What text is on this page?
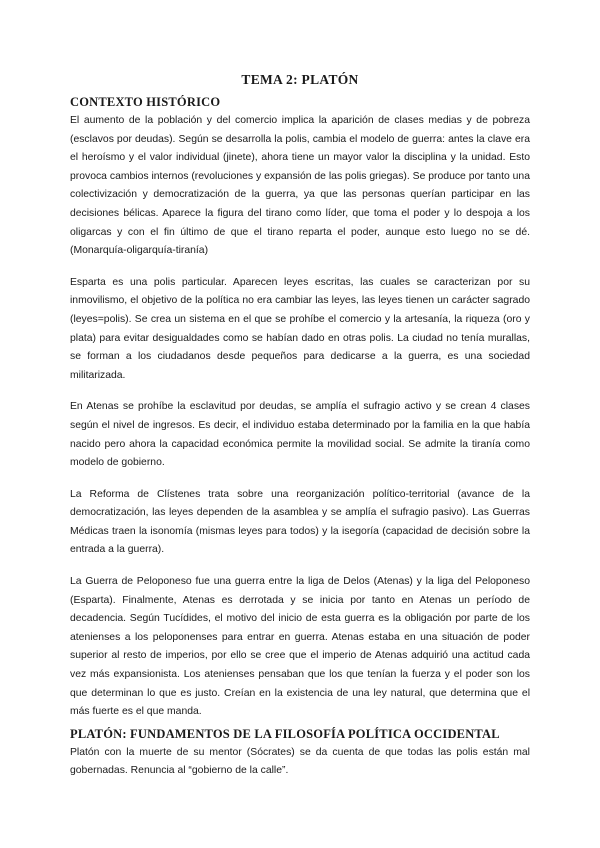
TEMA 2: PLATÓN
CONTEXTO HISTÓRICO

El aumento de la población y del comercio implica la aparición de clases medias y de pobreza (esclavos por deudas). Según se desarrolla la polis, cambia el modelo de guerra: antes la clave era el heroísmo y el valor individual (jinete), ahora tiene un mayor valor la disciplina y la unidad. Esto provoca cambios internos (revoluciones y expansión de las polis griegas). Se produce por tanto una colectivización y democratización de la guerra, ya que las personas querían participar en las decisiones bélicas. Aparece la figura del tirano como líder, que toma el poder y lo despoja a los oligarcas y con el fin último de que el tirano reparta el poder, aunque esto luego no se dé. (Monarquía-oligarquía-tiranía)

Esparta es una polis particular. Aparecen leyes escritas, las cuales se caracterizan por su inmovilismo, el objetivo de la política no era cambiar las leyes, las leyes tienen un carácter sagrado (leyes=polis). Se crea un sistema en el que se prohíbe el comercio y la artesanía, la riqueza (oro y plata) para evitar desigualdades como se habían dado en otras polis. La ciudad no tenía murallas, se forman a los ciudadanos desde pequeños para dedicarse a la guerra, es una sociedad militarizada.

En Atenas se prohíbe la esclavitud por deudas, se amplía el sufragio activo y se crean 4 clases según el nivel de ingresos. Es decir, el individuo estaba determinado por la familia en la que había nacido pero ahora la capacidad económica permite la movilidad social. Se admite la tiranía como modelo de gobierno.

La Reforma de Clístenes trata sobre una reorganización político-territorial (avance de la democratización, las leyes dependen de la asamblea y se amplía el sufragio pasivo). Las Guerras Médicas traen la isonomía (mismas leyes para todos) y la isegoría (capacidad de decisión sobre la entrada a la guerra).

La Guerra de Peloponeso fue una guerra entre la liga de Delos (Atenas) y la liga del Peloponeso (Esparta). Finalmente, Atenas es derrotada y se inicia por tanto en Atenas un período de decadencia. Según Tucídides, el motivo del inicio de esta guerra es la obligación por parte de los atenienses a los peloponenses para entrar en guerra. Atenas estaba en una situación de poder superior al resto de imperios, por ello se cree que el imperio de Atenas adquirió una actitud cada vez más expansionista. Los atenienses pensaban que los que tenían la fuerza y el poder son los que determinan lo que es justo. Creían en la existencia de una ley natural, que determina que el más fuerte es el que manda.

PLATÓN: FUNDAMENTOS DE LA FILOSOFÍA POLÍTICA OCCIDENTAL

Platón con la muerte de su mentor (Sócrates) se da cuenta de que todas las polis están mal gobernadas. Renuncia al “gobierno de la calle”.
